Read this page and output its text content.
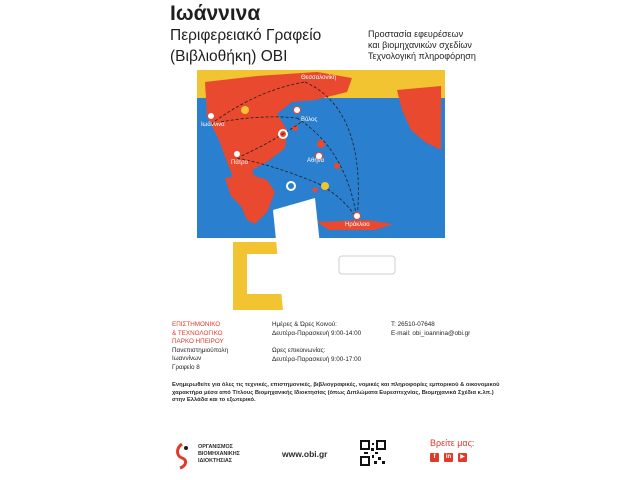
Ιωάννινα
Περιφερειακό Γραφείο
(Βιβλιοθήκη) ΟΒΙ
Προστασία εφευρέσεων
και βιομηχανικών σχεδίων
Τεχνολογική πληροφόρηση
Θεσσαλονίκη
Ιωάννινα
Βόλος
Πάτρα	Αθήνα
Ηράκλειο
ΕΠΙΣΤΗΜΟΝΙΚΟ
& ΤΕΧΝΟΛΟΓΙΚΟ
ΠΑΡΚΟ ΗΠΕΙΡΟΥ
Πανεπιστημιούπολη
Ιωαννίνων
Γραφείο 8
Ημέρες & Ώρες Κοινού:
Δευτέρα-Παρασκευή 9:00-14:00
Ωρες επικοινωνίας:
Δευτέρα-Παρασκευή 9:00-17:00
T: 26510-07648
E-mail: obi_ioannina@obi.gr
Ενημερωθείτε για όλες τις τεχνικές, επιστημονικές, βιβλιογραφικές, νομικές και πληροφορίες εμπορικού & οικονομικού χαρακτήρα μέσα από Τίτλους Βιομηχανικής Ιδιοκτησίας (όπως Διπλώματα Ευρεσιτεχνίας, Βιομηχανικά Σχέδια κ.λπ.) στην Ελλάδα και το εξωτερικό.
ΟΡΓΑΝΙΣΜΟΣ
ΒΙΟΜΗΧΑΝΙΚΗΣ
ΙΔΙΟΚΤΗΣΙΑΣ
www.obi.gr
Βρείτε μας:
f	in	▶
